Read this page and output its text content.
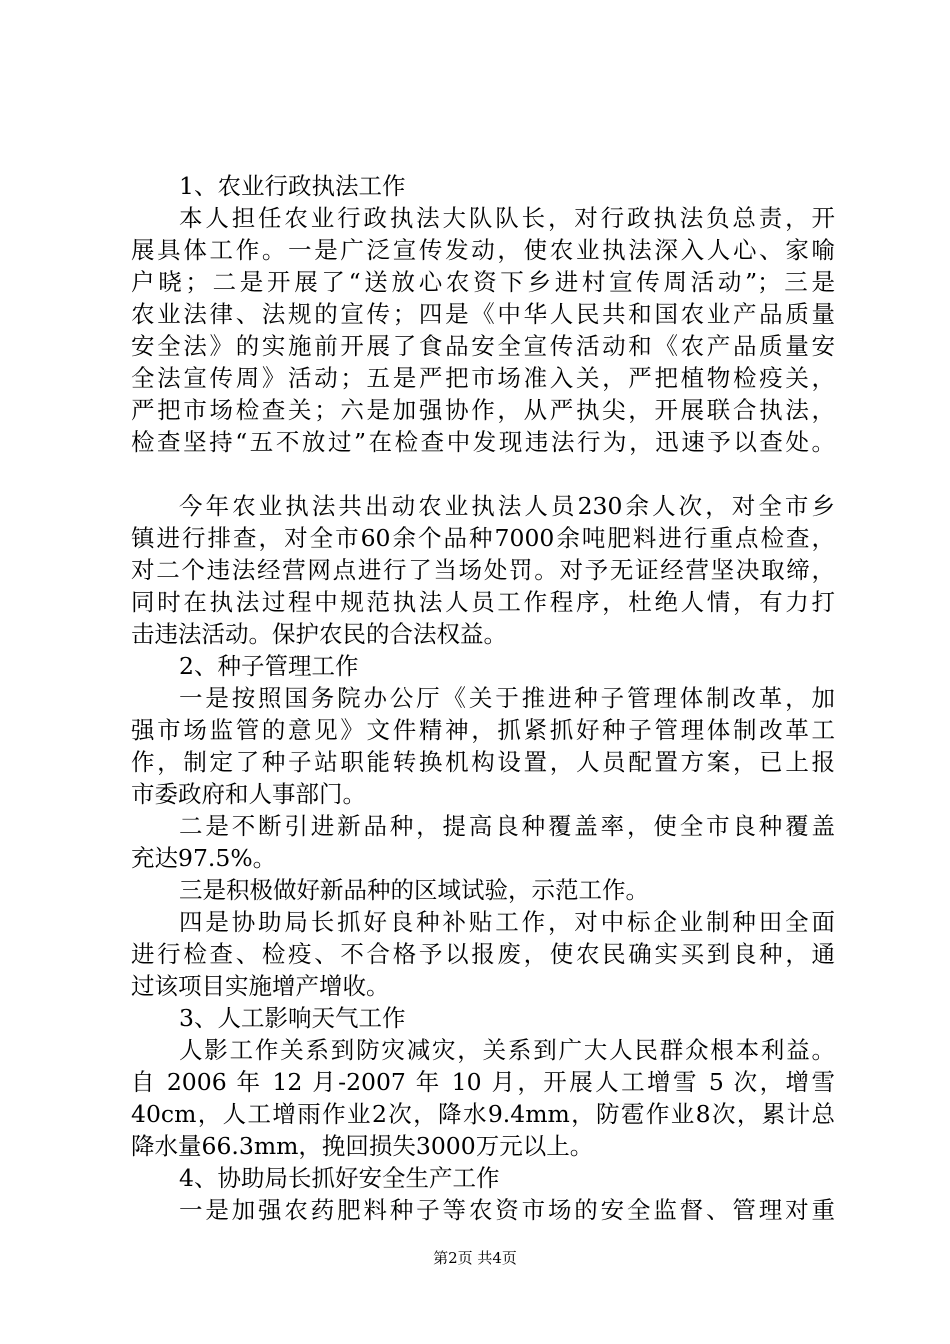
1、农业行政执法工作
本人担任农业行政执法大队队长，对行政执法负总责，开
展具体工作。一是广泛宣传发动，使农业执法深入人心、家喻
户晓；二是开展了“送放心农资下乡进村宣传周活动”；三是
农业法律、法规的宣传；四是《中华人民共和国农业产品质量
安全法》的实施前开展了食品安全宣传活动和《农产品质量安
全法宣传周》活动；五是严把市场准入关，严把植物检疫关，
严把市场检查关；六是加强协作，从严执尖，开展联合执法，
检查坚持“五不放过”在检查中发现违法行为，迅速予以查处。
今年农业执法共出动农业执法人员230余人次，对全市乡
镇进行排查，对全市60余个品种7000余吨肥料进行重点检查，
对二个违法经营网点进行了当场处罚。对予无证经营坚决取缔，
同时在执法过程中规范执法人员工作程序，杜绝人情，有力打
击违法活动。保护农民的合法权益。
2、种子管理工作
一是按照国务院办公厅《关于推进种子管理体制改革，加
强市场监管的意见》文件精神，抓紧抓好种子管理体制改革工
作，制定了种子站职能转换机构设置，人员配置方案，已上报
市委政府和人事部门。
二是不断引进新品种，提高良种覆盖率，使全市良种覆盖
充达97.5%。
三是积极做好新品种的区域试验，示范工作。
四是协助局长抓好良种补贴工作，对中标企业制种田全面
进行检查、检疫、不合格予以报废，使农民确实买到良种，通
过该项目实施增产增收。
3、人工影响天气工作
人影工作关系到防灾减灾，关系到广大人民群众根本利益。
自 2006 年 12 月-2007 年 10 月，开展人工增雪 5 次，增雪
40cm，人工增雨作业2次，降水9.4mm，防雹作业8次，累计总
降水量66.3mm，挽回损失3000万元以上。
4、协助局长抓好安全生产工作
一是加强农药肥料种子等农资市场的安全监督、管理对重
第2页 共4页
